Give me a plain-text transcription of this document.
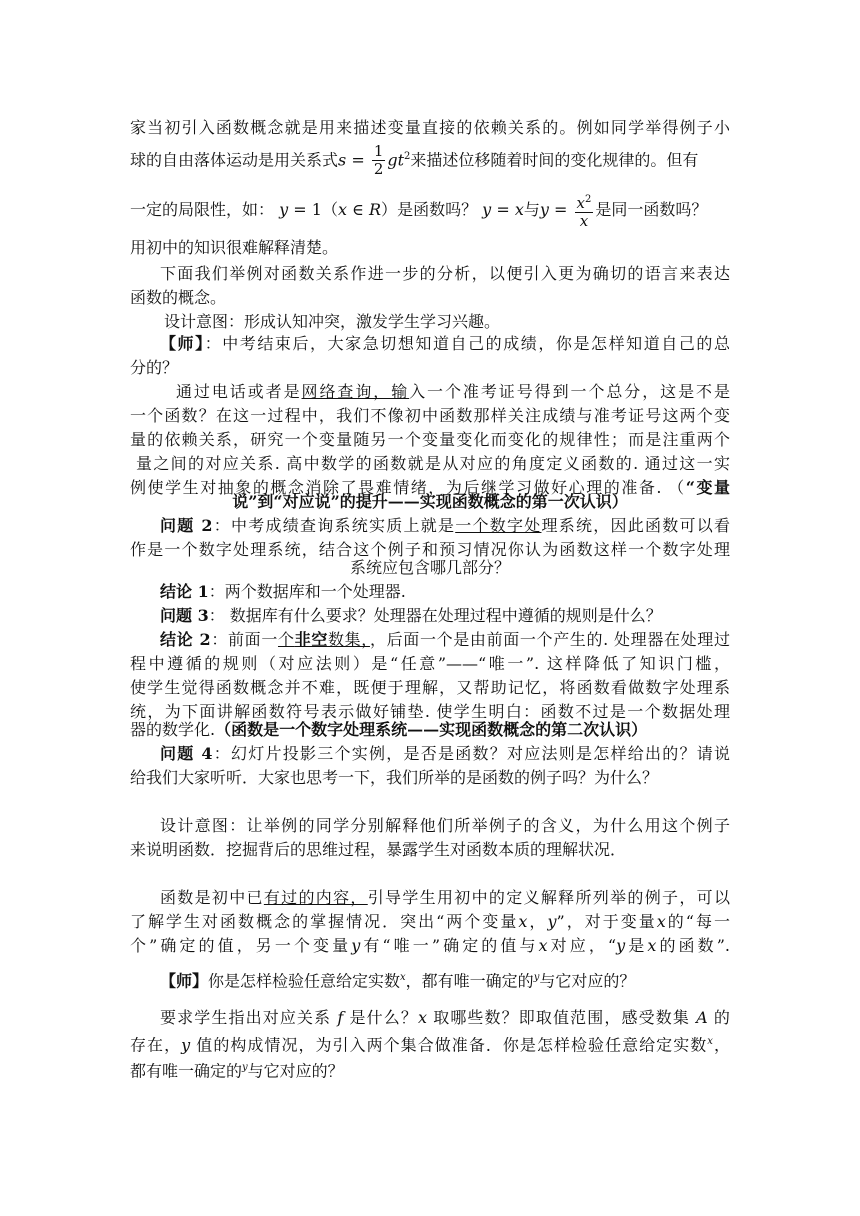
家当初引入函数概念就是用来描述变量直接的依赖关系的。例如同学举得例子小
球的自由落体运动是用关系式$s = \frac{1}{2} gt^2$来描述位移随着时间的变化规律的。但有
一定的局限性，如： y = 1（x ∈ R）是函数吗？ y = x与$y = \frac{x^2}{x}$ 是同一函数吗？
用初中的知识很难解释清楚。
下面我们举例对函数关系作进一步的分析，以便引入更为确切的语言来表达
函数的概念。
设计意图：形成认知冲突，激发学生学习兴趣。
【师】：中考结束后，大家急切想知道自己的成绩，你是怎样知道自己的总
分的？
通过电话或者是网络查询，输入一个准考证号得到一个总分，这是不是
一个函数？在这一过程中，我们不像初中函数那样关注成绩与准考证号这两个变
量的依赖关系，研究一个变量随另一个变量变化而变化的规律性；而是注重两个
量之间的对应关系. 高中数学的函数就是从对应的角度定义函数的. 通过这一实
例使学生对抽象的概念消除了畏难情绪，为后继学习做好心理的准备. （“变量
说”到“对应说”的提升——实现函数概念的第一次认识）
问题 2：中考成绩查询系统实质上就是一个数字处理系统，因此函数可以看
作是一个数字处理系统，结合这个例子和预习情况你认为函数这样一个数字处理
系统应包含哪几部分？
结论 1：两个数据库和一个处理器.
问题 3： 数据库有什么要求？处理器在处理过程中遵循的规则是什么？
结论 2：前面一个非空数集，，后面一个是由前面一个产生的. 处理器在处理过
程中遵循的规则（对应法则）是“任意”——“唯一”. 这样降低了知识门槛，
使学生觉得函数概念并不难，既便于理解，又帮助记忆，将函数看做数字处理系
统，为下面讲解函数符号表示做好铺垫. 使学生明白：函数不过是一个数据处理
器的数学化.（函数是一个数字处理系统——实现函数概念的第二次认识）
问题 4：幻灯片投影三个实例，是否是函数？对应法则是怎样给出的？请说
给我们大家听听．大家也思考一下，我们所举的是函数的例子吗？为什么？
设计意图：让举例的同学分别解释他们所举例子的含义，为什么用这个例子
来说明函数．挖掘背后的思维过程，暴露学生对函数本质的理解状况．
函数是初中已有过的内容，引导学生用初中的定义解释所列举的例子，可以
了解学生对函数概念的掌握情况．突出“两个变量x，y”，对于变量x的“每一
个”确定的值，另一个变量y有“唯一”确定的值与x对应，“y是x的函数”.
【师】你是怎样检验任意给定实数$^x$，都有唯一确定的$^y$与它对应的？
要求学生指出对应关系 f 是什么？x 取哪些数？即取值范围，感受数集 A 的
存在，y 值的构成情况，为引入两个集合做准备．你是怎样检验任意给定实数$^x$，
都有唯一确定的$^y$与它对应的？
